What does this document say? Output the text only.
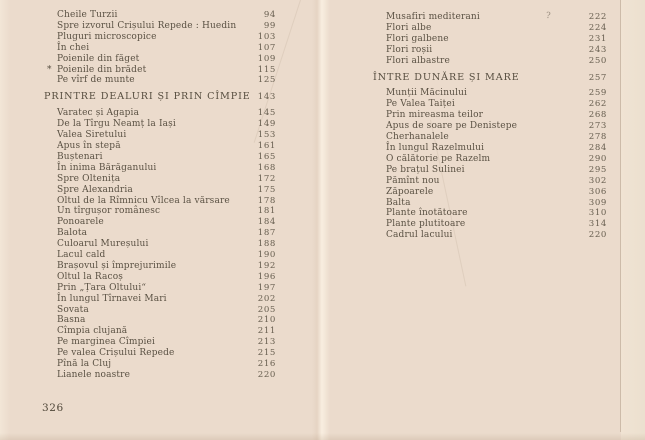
Cheile Turzii	94
Spre izvorul Crișului Repede : Huedin	99
Pluguri microscopice	103
În chei	107
Poienile din făget	109
* Poienile din brădet	115
Pe vîrf de munte	125
PRINTRE DEALURI ȘI PRIN CÎMPIE 143
Varatec și Agapia	145
De la Tîrgu Neamț la Iași	149
Valea Siretului	153
Apus în stepă	161
Buștenari	165
În inima Bărăganului	168
Spre Oltenița	172
Spre Alexandria	175
Oltul de la Rîmnicu Vîlcea la vărsare	178
Un tîrgușor românesc	181
Ponoarele	184
Balota	187
Culoarul Mureșului	188
Lacul cald	190
Brașovul și împrejurimile	192
Oltul la Racoș	196
Prin „Țara Oltului“	197
În lungul Tîrnavei Mari	202
Sovata	205
Basna	210
Cîmpia clujană	211
Pe marginea Cîmpiei	213
Pe valea Crișului Repede	215
Pînă la Cluj	216
Lianele noastre	220
Musafiri mediterani	222
Flori albe	224
Flori galbene	231
Flori roșii	243
Flori albastre	250
ÎNTRE DUNĂRE ȘI MARE	257
Munții Măcinului	259
Pe Valea Taiței	262
Prin mireasma teilor	268
Apus de soare pe Denistepe	273
Cherhanalele	278
În lungul Razelmului	284
O călătorie pe Razelm	290
Pe brațul Sulinei	295
Pămînt nou	302
Zăpoarele	306
Balta	309
Plante înotătoare	310
Plante plutitoare	314
Cadrul lacului	220
?
326
